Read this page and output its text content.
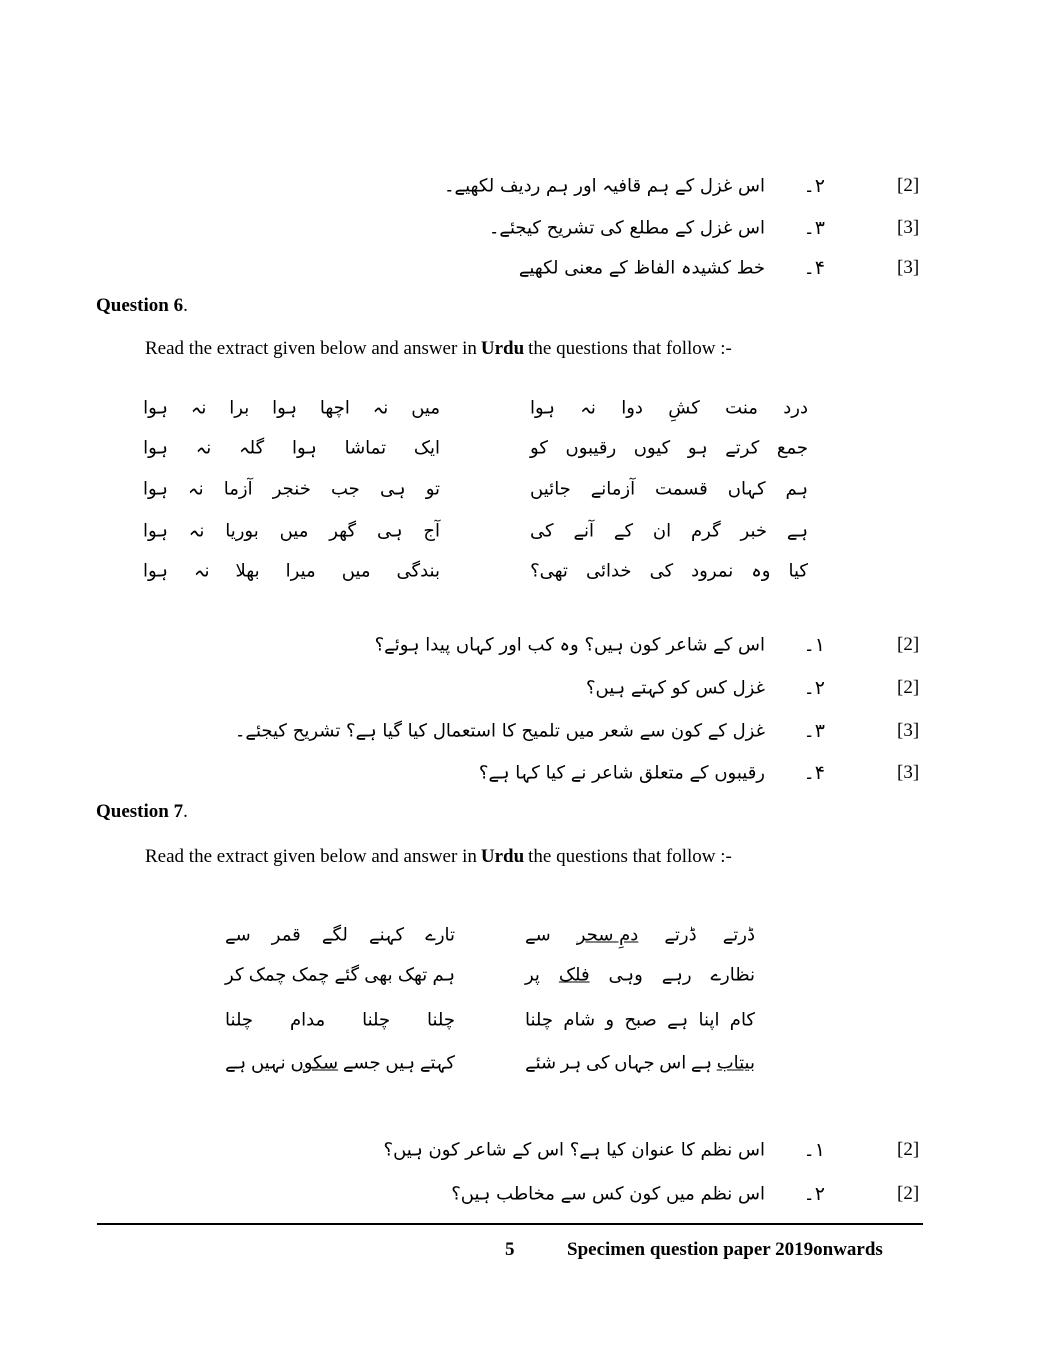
[2]
۲۔
اس غزل کے ہم قافیہ اور ہم ردیف لکھیے۔
[3]
۳۔
اس غزل کے مطلع کی تشریح کیجئے۔
[3]
۴۔
خط کشیدہ الفاظ کے معنی لکھیے
Question 6.
Read the extract given below and answer in Urdu the questions that follow :-
درد
منت
کشِ
دوا
نہ
ہوا
میں
نہ
اچھا
ہوا
برا
نہ
ہوا
جمع
کرتے
ہو
کیوں
رقیبوں
کو
ایک
تماشا
ہوا
گلہ
نہ
ہوا
ہم
کہاں
قسمت
آزمانے
جائیں
تو
ہی
جب
خنجر
آزما
نہ
ہوا
ہے
خبر
گرم
ان
کے
آنے
کی
آج
ہی
گھر
میں
بوریا
نہ
ہوا
کیا
وہ
نمرود
کی
خدائی
تھی؟
بندگی
میں
میرا
بھلا
نہ
ہوا
[2]
۱۔
اس کے شاعر کون ہیں؟ وہ کب اور کہاں پیدا ہوئے؟
[2]
۲۔
غزل کس کو کہتے ہیں؟
[3]
۳۔
غزل کے کون سے شعر میں تلمیح کا استعمال کیا گیا ہے؟ تشریح کیجئے۔
[3]
۴۔
رقیبوں کے متعلق شاعر نے کیا کہا ہے؟
Question 7.
Read the extract given below and answer in Urdu the questions that follow :-
ڈرتے
ڈرتے
دمِ سحر
سے
تارے
کہنے
لگے
قمر
سے
نظارے
رہے
وہی
فلک
پر
ہم
تھک
بھی
گئے
چمک
چمک
کر
کام
اپنا
ہے
صبح
و
شام
چلنا
چلنا
چلنا
مدام
چلنا
بیتاب
ہے
اس
جہاں
کی
ہر
شئے
کہتے
ہیں
جسے
سکوں
نہیں
ہے
[2]
۱۔
اس نظم کا عنوان کیا ہے؟ اس کے شاعر کون ہیں؟
[2]
۲۔
اس نظم میں کون کس سے مخاطب ہیں؟
5	Specimen question paper 2019onwards
